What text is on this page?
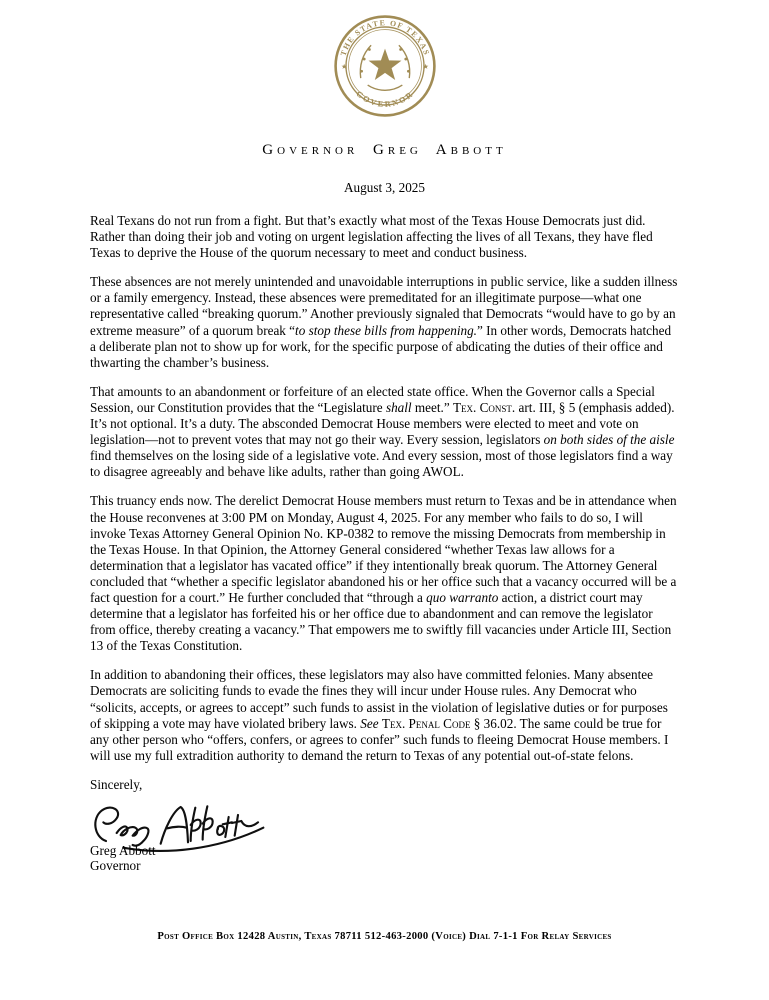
THE STATE OF TEXAS
GOVERNOR
★	★
Governor Greg Abbott
August 3, 2025

Real Texans do not run from a fight. But that’s exactly what most of the Texas House Democrats just did. Rather than doing their job and voting on urgent legislation affecting the lives of all Texans, they have fled Texas to deprive the House of the quorum necessary to meet and conduct business.

These absences are not merely unintended and unavoidable interruptions in public service, like a sudden illness or a family emergency. Instead, these absences were premeditated for an illegitimate purpose—what one representative called “breaking quorum.” Another previously signaled that Democrats “would have to go by an extreme measure” of a quorum break “to stop these bills from happening.” In other words, Democrats hatched a deliberate plan not to show up for work, for the specific purpose of abdicating the duties of their office and thwarting the chamber’s business.

That amounts to an abandonment or forfeiture of an elected state office. When the Governor calls a Special Session, our Constitution provides that the “Legislature shall meet.” Tex. Const. art. III, § 5 (emphasis added). It’s not optional. It’s a duty. The absconded Democrat House members were elected to meet and vote on legislation—not to prevent votes that may not go their way. Every session, legislators on both sides of the aisle find themselves on the losing side of a legislative vote. And every session, most of those legislators find a way to disagree agreeably and behave like adults, rather than going AWOL.

This truancy ends now. The derelict Democrat House members must return to Texas and be in attendance when the House reconvenes at 3:00 PM on Monday, August 4, 2025. For any member who fails to do so, I will invoke Texas Attorney General Opinion No. KP-0382 to remove the missing Democrats from membership in the Texas House. In that Opinion, the Attorney General considered “whether Texas law allows for a determination that a legislator has vacated office” if they intentionally break quorum. The Attorney General concluded that “whether a specific legislator abandoned his or her office such that a vacancy occurred will be a fact question for a court.” He further concluded that “through a quo warranto action, a district court may determine that a legislator has forfeited his or her office due to abandonment and can remove the legislator from office, thereby creating a vacancy.” That empowers me to swiftly fill vacancies under Article III, Section 13 of the Texas Constitution.

In addition to abandoning their offices, these legislators may also have committed felonies. Many absentee Democrats are soliciting funds to evade the fines they will incur under House rules. Any Democrat who “solicits, accepts, or agrees to accept” such funds to assist in the violation of legislative duties or for purposes of skipping a vote may have violated bribery laws. See Tex. Penal Code § 36.02. The same could be true for any other person who “offers, confers, or agrees to confer” such funds to fleeing Democrat House members. I will use my full extradition authority to demand the return to Texas of any potential out-of-state felons.

Sincerely,
Greg Abbott
Governor
Post Office Box 12428 Austin, Texas 78711 512-463-2000 (Voice) Dial 7-1-1 For Relay Services
